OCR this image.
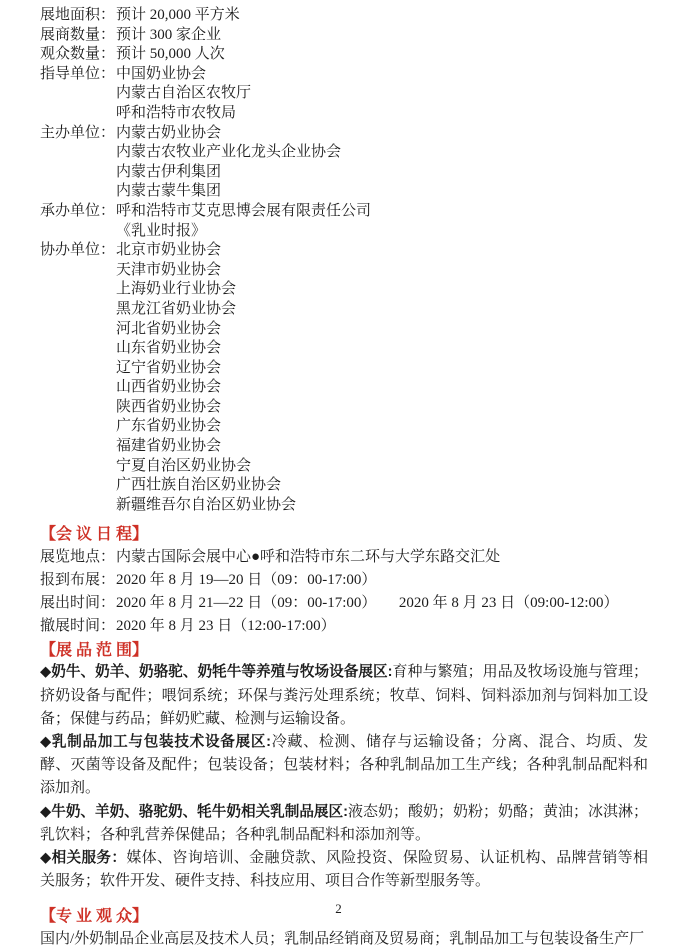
展地面积： 预计 20,000 平方米
展商数量： 预计 300 家企业
观众数量： 预计 50,000 人次
指导单位： 中国奶业协会
内蒙古自治区农牧厅
呼和浩特市农牧局
主办单位： 内蒙古奶业协会
内蒙古农牧业产业化龙头企业协会
内蒙古伊利集团
内蒙古蒙牛集团
承办单位： 呼和浩特市艾克思博会展有限责任公司
《乳业时报》
协办单位： 北京市奶业协会
天津市奶业协会
上海奶业行业协会
黑龙江省奶业协会
河北省奶业协会
山东省奶业协会
辽宁省奶业协会
山西省奶业协会
陕西省奶业协会
广东省奶业协会
福建省奶业协会
宁夏自治区奶业协会
广西壮族自治区奶业协会
新疆维吾尔自治区奶业协会
【会 议 日 程】
展览地点： 内蒙古国际会展中心●呼和浩特市东二环与大学东路交汇处
报到布展： 2020 年 8 月 19—20 日（09：00-17:00）
展出时间： 2020 年 8 月 21—22 日（09：00-17:00）　　2020 年 8 月 23 日（09:00-12:00）
撤展时间： 2020 年 8 月 23 日（12:00-17:00）
【展 品 范 围】

◆奶牛、奶羊、奶骆驼、奶牦牛等养殖与牧场设备展区:育种与繁殖；用品及牧场设施与管理；挤奶设备与配件；喂饲系统；环保与粪污处理系统；牧草、饲料、饲料添加剂与饲料加工设备；保健与药品；鲜奶贮藏、检测与运输设备。

◆乳制品加工与包装技术设备展区:冷藏、检测、储存与运输设备；分离、混合、均质、发酵、灭菌等设备及配件；包装设备；包装材料；各种乳制品加工生产线；各种乳制品配料和添加剂。

◆牛奶、羊奶、骆驼奶、牦牛奶相关乳制品展区:液态奶；酸奶；奶粉；奶酪；黄油；冰淇淋；乳饮料；各种乳营养保健品；各种乳制品配料和添加剂等。

◆相关服务：媒体、咨询培训、金融贷款、风险投资、保险贸易、认证机构、品牌营销等相关服务；软件开发、硬件支持、科技应用、项目合作等新型服务等。

【专 业 观 众】

国内/外奶制品企业高层及技术人员；乳制品经销商及贸易商；乳制品加工与包装设备生产厂

2
